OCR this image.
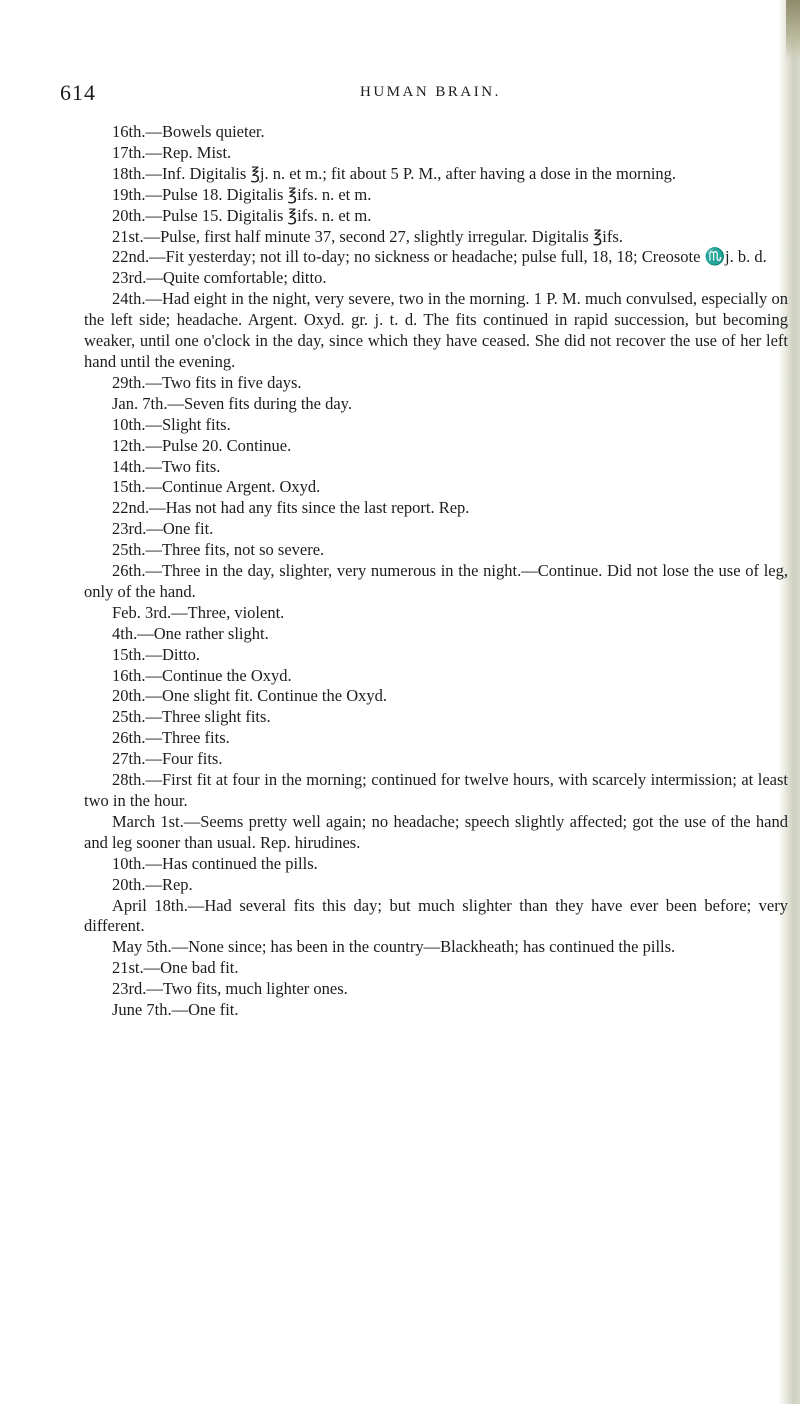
614	HUMAN BRAIN.

16th.—Bowels quieter.

17th.—Rep. Mist.

18th.—Inf. Digitalis ℥j. n. et m.; fit about 5 P. M., after having a dose in the morning.

19th.—Pulse 18. Digitalis ℥ifs. n. et m.

20th.—Pulse 15. Digitalis ℥ifs. n. et m.

21st.—Pulse, first half minute 37, second 27, slightly irregular. Digitalis ℥ifs.

22nd.—Fit yesterday; not ill to-day; no sickness or headache; pulse full, 18, 18; Creosote ♏j. b. d.

23rd.—Quite comfortable; ditto.

24th.—Had eight in the night, very severe, two in the morning. 1 P. M. much convulsed, especially on the left side; headache. Argent. Oxyd. gr. j. t. d. The fits continued in rapid succession, but becoming weaker, until one o'clock in the day, since which they have ceased. She did not recover the use of her left hand until the evening.

29th.—Two fits in five days.

Jan. 7th.—Seven fits during the day.

10th.—Slight fits.

12th.—Pulse 20. Continue.

14th.—Two fits.

15th.—Continue Argent. Oxyd.

22nd.—Has not had any fits since the last report. Rep.

23rd.—One fit.

25th.—Three fits, not so severe.

26th.—Three in the day, slighter, very numerous in the night.—Continue. Did not lose the use of leg, only of the hand.

Feb. 3rd.—Three, violent.

4th.—One rather slight.

15th.—Ditto.

16th.—Continue the Oxyd.

20th.—One slight fit. Continue the Oxyd.

25th.—Three slight fits.

26th.—Three fits.

27th.—Four fits.

28th.—First fit at four in the morning; continued for twelve hours, with scarcely intermission; at least two in the hour.

March 1st.—Seems pretty well again; no headache; speech slightly affected; got the use of the hand and leg sooner than usual. Rep. hirudines.

10th.—Has continued the pills.

20th.—Rep.

April 18th.—Had several fits this day; but much slighter than they have ever been before; very different.

May 5th.—None since; has been in the country—Blackheath; has continued the pills.

21st.—One bad fit.

23rd.—Two fits, much lighter ones.

June 7th.—One fit.
